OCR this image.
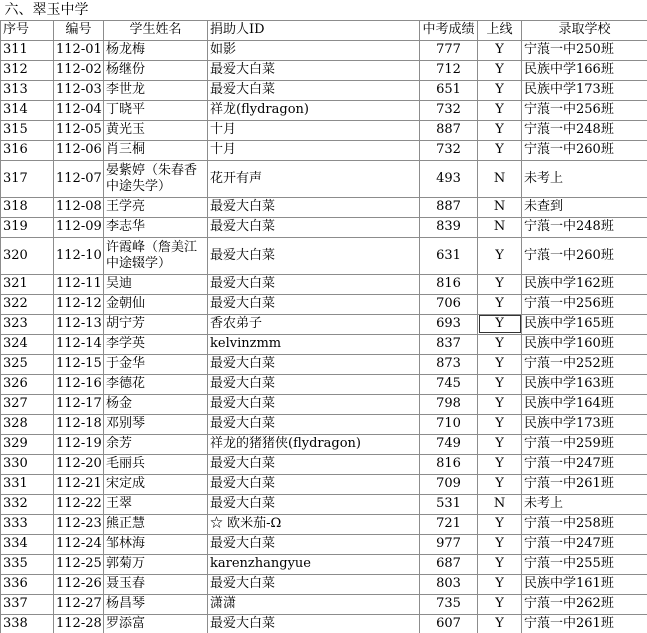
六、翠玉中学						
序号	编号	学生姓名	捐助人ID	中考成绩	上线	录取学校
311	112-01	杨龙梅	如影	777	Y	宁蒗一中250班
312	112-02	杨继份	最爱大白菜	712	Y	民族中学166班
313	112-03	李世龙	最爱大白菜	651	Y	民族中学173班
314	112-04	丁晓平	祥龙(flydragon)	732	Y	宁蒗一中256班
315	112-05	黄光玉	十月	887	Y	宁蒗一中248班
316	112-06	肖三桐	十月	732	Y	宁蒗一中260班
317	112-07	晏紫婷（朱春香中途失学）	花开有声	493	N	未考上
318	112-08	王学亮	最爱大白菜	887	N	未查到
319	112-09	李志华	最爱大白菜	839	N	宁蒗一中248班
320	112-10	许霞峰（詹美江中途辍学）	最爱大白菜	631	Y	宁蒗一中260班
321	112-11	吴迪	最爱大白菜	816	Y	民族中学162班
322	112-12	金朝仙	最爱大白菜	706	Y	宁蒗一中256班
323	112-13	胡宁芳	香农弟子	693	Y	民族中学165班
324	112-14	李学英	kelvinzmm	837	Y	民族中学160班
325	112-15	于金华	最爱大白菜	873	Y	宁蒗一中252班
326	112-16	李德花	最爱大白菜	745	Y	民族中学163班
327	112-17	杨金	最爱大白菜	798	Y	民族中学164班
328	112-18	邓别琴	最爱大白菜	710	Y	民族中学173班
329	112-19	余芳	祥龙的猪猪侠(flydragon)	749	Y	宁蒗一中259班
330	112-20	毛丽兵	最爱大白菜	816	Y	宁蒗一中247班
331	112-21	宋定成	最爱大白菜	709	Y	宁蒗一中261班
332	112-22	王翠	最爱大白菜	531	N	未考上
333	112-23	熊正慧	☆ 欧米茄-Ω	721	Y	宁蒗一中258班
334	112-24	邹林海	最爱大白菜	977	Y	宁蒗一中247班
335	112-25	郭菊万	karenzhangyue	687	Y	宁蒗一中255班
336	112-26	聂玉春	最爱大白菜	803	Y	民族中学161班
337	112-27	杨昌琴	潇潇	735	Y	宁蒗一中262班
338	112-28	罗添富	最爱大白菜	607	Y	宁蒗一中261班
